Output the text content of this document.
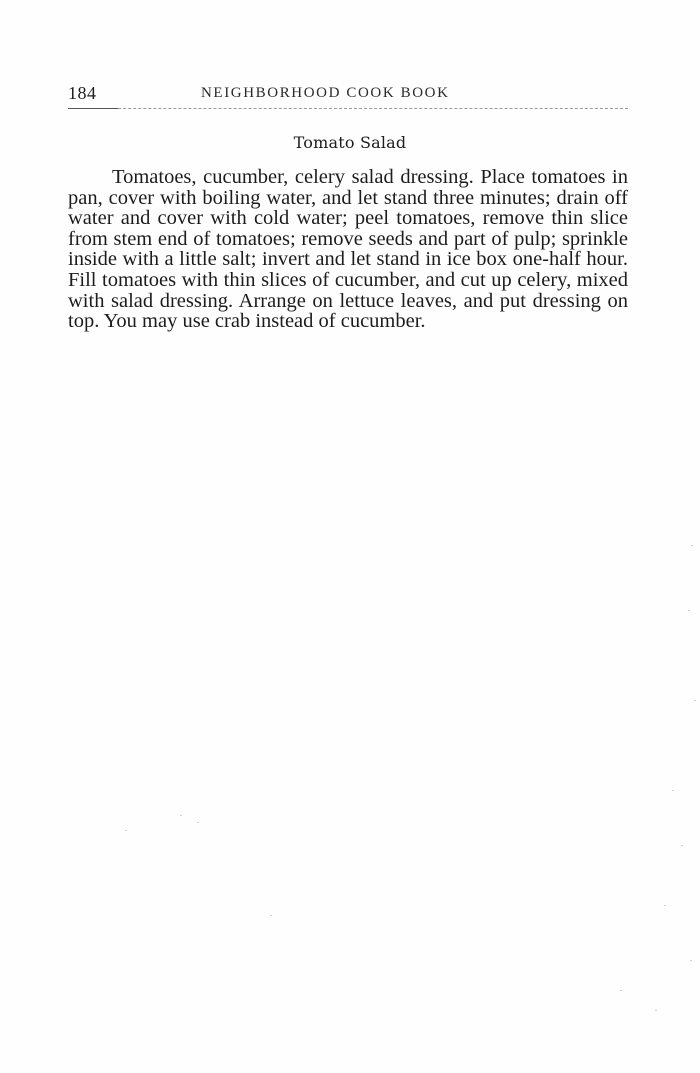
184	NEIGHBORHOOD COOK BOOK
Tomato Salad

Tomatoes, cucumber, celery salad dressing. Place tomatoes in pan, cover with boiling water, and let stand three minutes; drain off water and cover with cold water; peel tomatoes, remove thin slice from stem end of tomatoes; remove seeds and part of pulp; sprinkle inside with a little salt; invert and let stand in ice box one-half hour. Fill tomatoes with thin slices of cucumber, and cut up celery, mixed with salad dressing. Arrange on lettuce leaves, and put dressing on top. You may use crab instead of cucumber.
